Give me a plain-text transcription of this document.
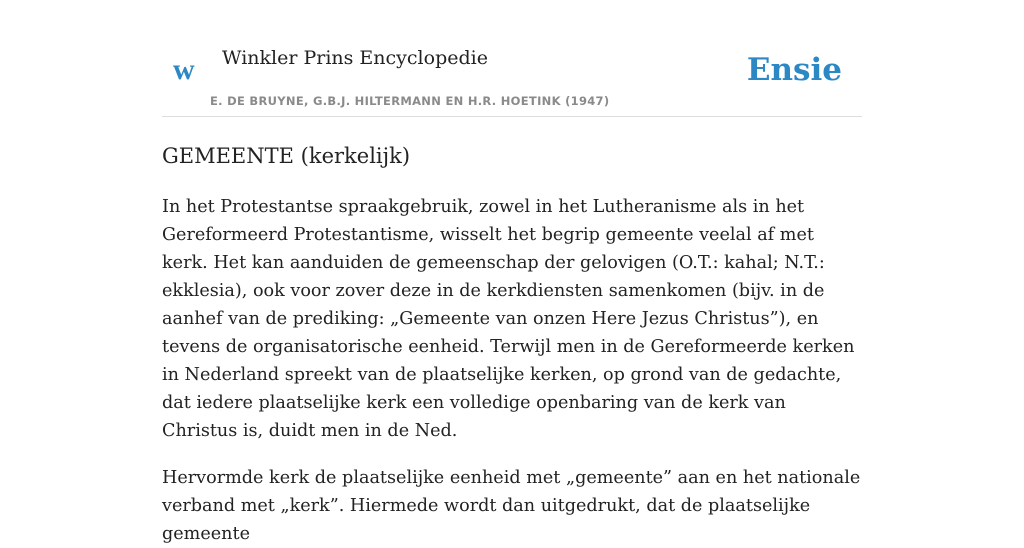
w Winkler Prins Encyclopedie
E. DE BRUYNE, G.B.J. HILTERMANN EN H.R. HOETINK (1947)
Ensie
GEMEENTE (kerkelijk)

In het Protestantse spraakgebruik, zowel in het Lutheranisme als in het Gereformeerd Protestantisme, wisselt het begrip gemeente veelal af met kerk. Het kan aanduiden de gemeenschap der gelovigen (O.T.: kahal; N.T.: ekklesia), ook voor zover deze in de kerkdiensten samenkomen (bijv. in de aanhef van de prediking: „Gemeente van onzen Here Jezus Christus”), en tevens de organisatorische eenheid. Terwijl men in de Gereformeerde kerken in Nederland spreekt van de plaatselijke kerken, op grond van de gedachte, dat iedere plaatselijke kerk een volledige openbaring van de kerk van Christus is, duidt men in de Ned.

Hervormde kerk de plaatselijke eenheid met „gemeente” aan en het nationale verband met „kerk”. Hiermede wordt dan uitgedrukt, dat de plaatselijke gemeente
